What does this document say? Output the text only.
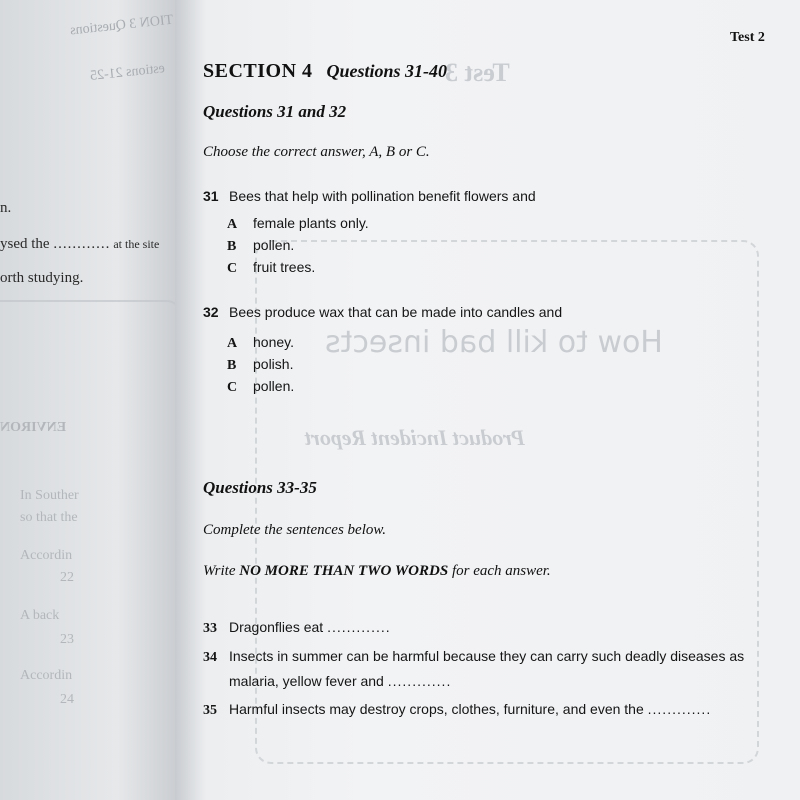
TION 3 Questions
estions 21-25
n.
ysed the ............ at the site
orth studying.
ENVIRON
In Souther
so that the
Accordin
22
A back
23
Accordin
24
Test 3
How to kill bad insects
Product Incident Report
Test 2
SECTION 4 Questions 31-40
Questions 31 and 32
Choose the correct answer, A, B or C.
31 Bees that help with pollination benefit flowers and
A female plants only.
B pollen.
C fruit trees.
32 Bees produce wax that can be made into candles and
A honey.
B polish.
C pollen.
Questions 33-35
Complete the sentences below.
Write NO MORE THAN TWO WORDS for each answer.
33 Dragonflies eat .............
34 Insects in summer can be harmful because they can carry such deadly diseases as
malaria, yellow fever and .............
35 Harmful insects may destroy crops, clothes, furniture, and even the .............
